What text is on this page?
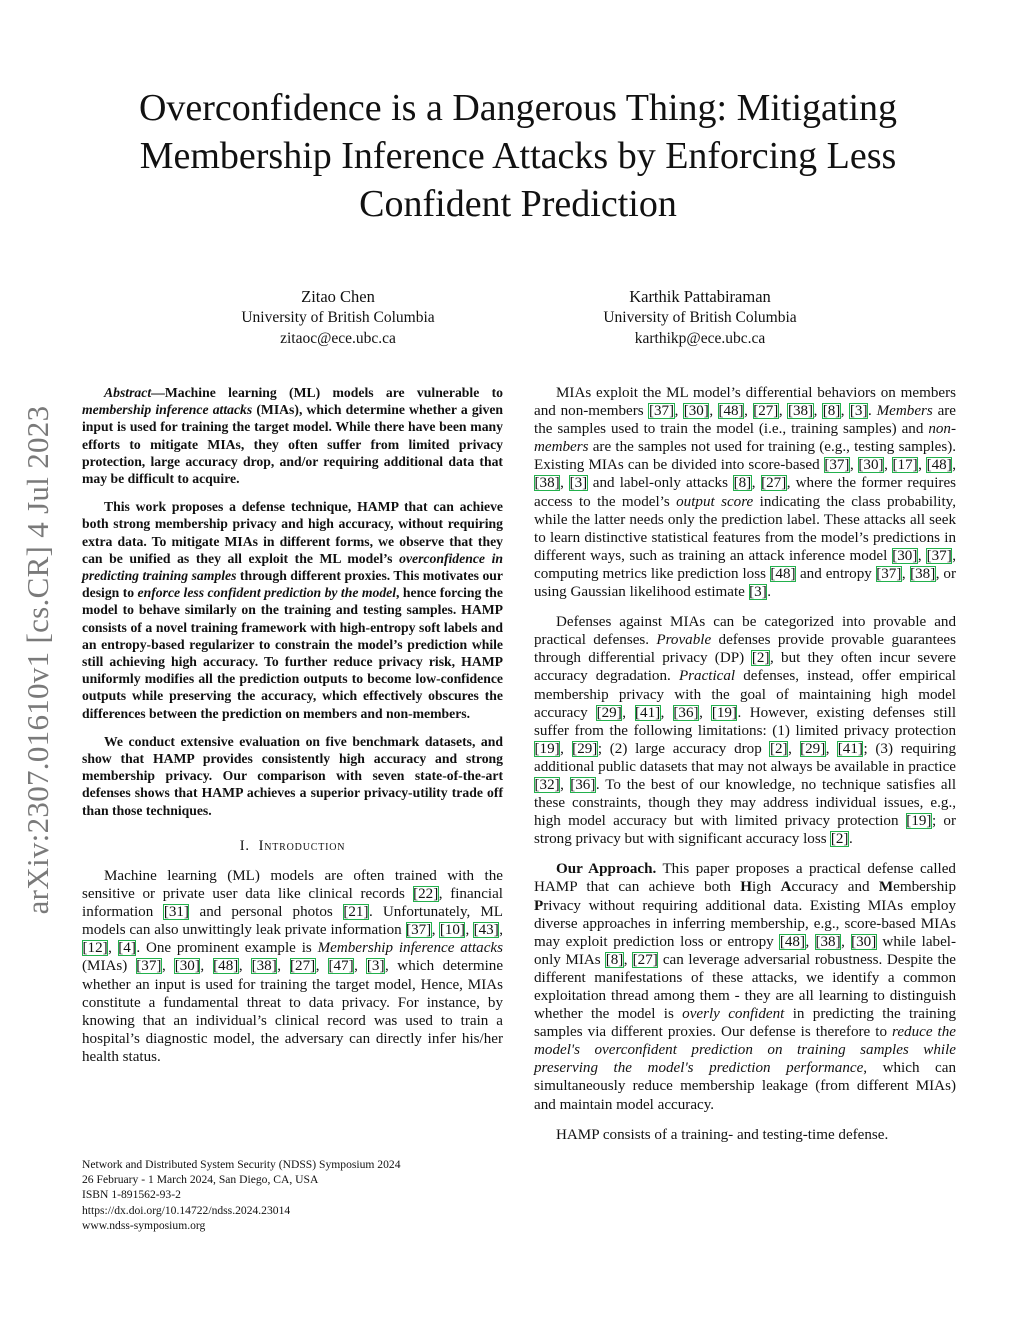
arXiv:2307.01610v1 [cs.CR] 4 Jul 2023
Overconfidence is a Dangerous Thing: Mitigating Membership Inference Attacks by Enforcing Less Confident Prediction
Zitao Chen
University of British Columbia
zitaoc@ece.ubc.ca
Karthik Pattabiraman
University of British Columbia
karthikp@ece.ubc.ca

Abstract—Machine learning (ML) models are vulnerable to membership inference attacks (MIAs), which determine whether a given input is used for training the target model. While there have been many efforts to mitigate MIAs, they often suffer from limited privacy protection, large accuracy drop, and/or requiring additional data that may be difficult to acquire.

This work proposes a defense technique, HAMP that can achieve both strong membership privacy and high accuracy, without requiring extra data. To mitigate MIAs in different forms, we observe that they can be unified as they all exploit the ML model’s overconfidence in predicting training samples through different proxies. This motivates our design to enforce less confident prediction by the model, hence forcing the model to behave similarly on the training and testing samples. HAMP consists of a novel training framework with high-entropy soft labels and an entropy-based regularizer to constrain the model’s prediction while still achieving high accuracy. To further reduce privacy risk, HAMP uniformly modifies all the prediction outputs to become low-confidence outputs while preserving the accuracy, which effectively obscures the differences between the prediction on members and non-members.

We conduct extensive evaluation on five benchmark datasets, and show that HAMP provides consistently high accuracy and strong membership privacy. Our comparison with seven state-of-the-art defenses shows that HAMP achieves a superior privacy-utility trade off than those techniques.

I. Introduction

Machine learning (ML) models are often trained with the sensitive or private user data like clinical records [22], financial information [31] and personal photos [21]. Unfortunately, ML models can also unwittingly leak private information [37], [10], [43], [12], [4]. One prominent example is Membership inference attacks (MIAs) [37], [30], [48], [38], [27], [47], [3], which determine whether an input is used for training the target model, Hence, MIAs constitute a fundamental threat to data privacy. For instance, by knowing that an individual’s clinical record was used to train a hospital’s diagnostic model, the adversary can directly infer his/her health status.

MIAs exploit the ML model’s differential behaviors on members and non-members [37], [30], [48], [27], [38], [8], [3]. Members are the samples used to train the model (i.e., training samples) and non-members are the samples not used for training (e.g., testing samples). Existing MIAs can be divided into score-based [37], [30], [17], [48], [38], [3] and label-only attacks [8], [27], where the former requires access to the model’s output score indicating the class probability, while the latter needs only the prediction label. These attacks all seek to learn distinctive statistical features from the model’s predictions in different ways, such as training an attack inference model [30], [37], computing metrics like prediction loss [48] and entropy [37], [38], or using Gaussian likelihood estimate [3].

Defenses against MIAs can be categorized into provable and practical defenses. Provable defenses provide provable guarantees through differential privacy (DP) [2], but they often incur severe accuracy degradation. Practical defenses, instead, offer empirical membership privacy with the goal of maintaining high model accuracy [29], [41], [36], [19]. However, existing defenses still suffer from the following limitations: (1) limited privacy protection [19], [29]; (2) large accuracy drop [2], [29], [41]; (3) requiring additional public datasets that may not always be available in practice [32], [36]. To the best of our knowledge, no technique satisfies all these constraints, though they may address individual issues, e.g., high model accuracy but with limited privacy protection [19]; or strong privacy but with significant accuracy loss [2].

Our Approach. This paper proposes a practical defense called HAMP that can achieve both High Accuracy and Membership Privacy without requiring additional data. Existing MIAs employ diverse approaches in inferring membership, e.g., score-based MIAs may exploit prediction loss or entropy [48], [38], [30] while label-only MIAs [8], [27] can leverage adversarial robustness. Despite the different manifestations of these attacks, we identify a common exploitation thread among them - they are all learning to distinguish whether the model is overly confident in predicting the training samples via different proxies. Our defense is therefore to reduce the model's overconfident prediction on training samples while preserving the model's prediction performance, which can simultaneously reduce membership leakage (from different MIAs) and maintain model accuracy.

HAMP consists of a training- and testing-time defense.

Network and Distributed System Security (NDSS) Symposium 2024
26 February - 1 March 2024, San Diego, CA, USA
ISBN 1-891562-93-2
https://dx.doi.org/10.14722/ndss.2024.23014
www.ndss-symposium.org
